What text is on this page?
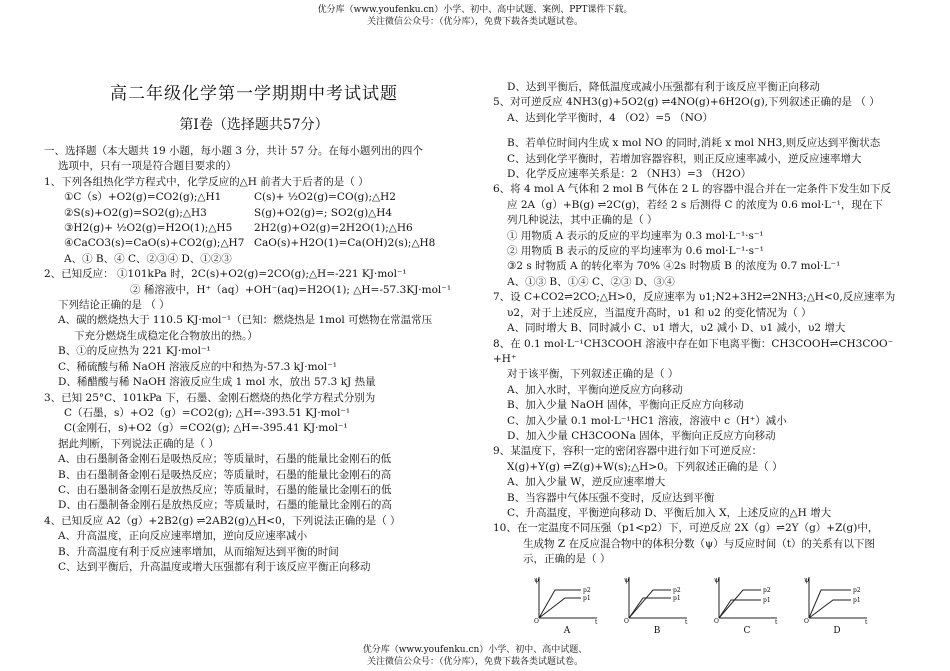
优分库（www.youfenku.cn）小学、初中、高中试题、案例、PPT课件下载。
关注微信公众号：（优分库），免费下载各类试题试卷。
高二年级化学第一学期期中考试试题
第Ⅰ卷（选择题共57分）
一、选择题（本大题共 19 小题，每小题 3 分，共计 57 分。在每小题列出的四个
选项中，只有一项是符合题目要求的）
1、下列各组热化学方程式中，化学反应的△H 前者大于后者的是（ ）
①C（s）+O2(g)=CO2(g);△H1	C(s)+ ½O2(g)=CO(g);△H2
②S(s)+O2(g)=SO2(g);△H3	S(g)+O2(g)=; SO2(g)△H4
③H2(g)+ ½O2(g)=H2O(1);△H5	2H2(g)+O2(g)=2H2O(1);△H6
④CaCO3(s)=CaO(s)+CO2(g);△H7 CaO(s)+H2O(1)=Ca(OH)2(s);△H8
A、① B、④ C、②③④ D、①②③
2、已知反应： ①101kPa 时，2C(s)+O2(g)=2CO(g);△H=-221 KJ·mol⁻¹
② 稀溶液中，H⁺（aq）+OH⁻(aq)=H2O(1); △H=-57.3KJ·mol⁻¹
下列结论正确的是 （ ）
A、碳的燃烧热大于 110.5 KJ·mol⁻¹（已知：燃烧热是 1mol 可燃物在常温常压
下充分燃烧生成稳定化合物放出的热。）
B、①的反应热为 221 KJ·mol⁻¹
C、稀硫酸与稀 NaOH 溶液反应的中和热为-57.3 kJ·mol⁻¹
D、稀醋酸与稀 NaOH 溶液反应生成 1 mol 水，放出 57.3 kJ 热量
3、已知 25°C、101kPa 下，石墨、金刚石燃烧的热化学方程式分别为
C（石墨，s）+O2（g）=CO2(g); △H=-393.51 KJ·mol⁻¹
C(金刚石，s)+O2（g）=CO2(g); △H=-395.41 KJ·mol⁻¹
据此判断，下列说法正确的是（ ）
A、由石墨制备金刚石是吸热反应；等质量时，石墨的能量比金刚石的低
B、由石墨制备金刚石是吸热反应；等质量时，石墨的能量比金刚石的高
C、由石墨制备金刚石是放热反应；等质量时，石墨的能量比金刚石的低
D、由石墨制备金刚石是放热反应；等质量时，石墨的能量比金刚石的高
4、已知反应 A2（g）+2B2(g) ⇌2AB2(g)△H<0，下列说法正确的是（ ）
A、升高温度，正向反应速率增加，逆向反应速率减小
B、升高温度有利于反应速率增加，从而缩短达到平衡的时间
C、达到平衡后，升高温度或增大压强都有利于该反应平衡正向移动
D、达到平衡后，降低温度或减小压强都有利于该反应平衡正向移动
5、对可逆反应 4NH3(g)+5O2(g) ⇌4NO(g)+6H2O(g),下列叙述正确的是 （ ）
A、达到化学平衡时，4 （O2）=5 （NO）
B、若单位时间内生成 x mol NO 的同时,消耗 x mol NH3,则反应达到平衡状态
C、达到化学平衡时，若增加容器容积，则正反应速率减小，逆反应速率增大
D、化学反应速率关系是：2 （NH3）=3 （H2O）
6、将 4 mol A 气体和 2 mol B 气体在 2 L 的容器中混合并在一定条件下发生如下反
应 2A（g）+B(g) ⇌2C(g)，若经 2 s 后测得 C 的浓度为 0.6 mol·L⁻¹，现在下
列几种说法，其中正确的是（ ）
① 用物质 A 表示的反应的平均速率为 0.3 mol·L⁻¹·s⁻¹
② 用物质 B 表示的反应的平均速率为 0.6 mol·L⁻¹·s⁻¹
③2 s 时物质 A 的转化率为 70% ④2s 时物质 B 的浓度为 0.7 mol·L⁻¹
A、①③ B、①④ C、②③ D、③④
7、设 C+CO2⇌2CO;△H>0，反应速率为 υ1;N2+3H2⇌2NH3;△H<0,反应速率为
υ2，对于上述反应，当温度升高时，υ1 和 υ2 的变化情况为（ ）
A、同时增大 B、同时减小 C、υ1 增大，υ2 减小 D、υ1 减小，υ2 增大
8、在 0.1 mol·L⁻¹CH3COOH 溶液中存在如下电离平衡：CH3COOH⇌CH3COO⁻
+H⁺
对于该平衡，下列叙述正确的是（ ）
A、加入水时，平衡向逆反应方向移动
B、加入少量 NaOH 固体，平衡向正反应方向移动
C、加入少量 0.1 mol·L⁻¹HC1 溶液，溶液中 c（H⁺）减小
D、加入少量 CH3COONa 固体，平衡向正反应方向移动
9、某温度下，容积一定的密闭容器中进行如下可逆反应：
X(g)+Y(g) ⇌Z(g)+W(s);△H>0。下列叙述正确的是（ ）
A、加入少量 W，逆反应速率增大
B、当容器中气体压强不变时，反应达到平衡
C、升高温度，平衡逆向移动 D、平衡后加入 X，上述反应的△H 增大
10、在一定温度不同压强（p1<p2）下，可逆反应 2X（g）⇌2Y（g）+Z(g)中，
生成物 Z 在反应混合物中的体积分数（ψ）与反应时间（t）的关系有以下图
示，正确的是（ ）
p2
p1
ψ
O	t
A
p2
p1
ψ
O	t
B
p2
p1
ψ
O	t
C
p2
p1
ψ
O	t
D
优分库（www.youfenku.cn）小学、初中、高中试题、
关注微信公众号：（优分库），免费下载各类试题试卷。
